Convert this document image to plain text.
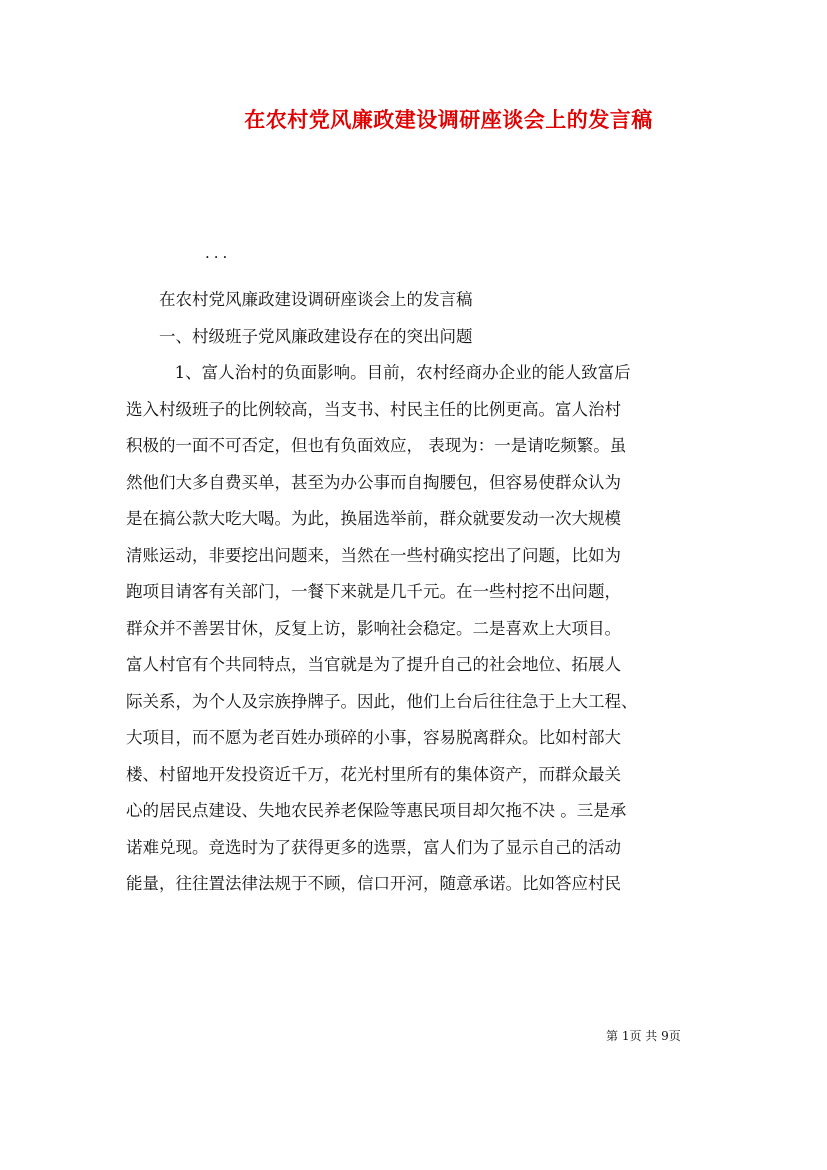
在农村党风廉政建设调研座谈会上的发言稿
...

在农村党风廉政建设调研座谈会上的发言稿

一、村级班子党风廉政建设存在的突出问题

1、富人治村的负面影响。目前，农村经商办企业的能人致富后
选入村级班子的比例较高，当支书、村民主任的比例更高。富人治村
积极的一面不可否定，但也有负面效应， 表现为：一是请吃频繁。虽
然他们大多自费买单，甚至为办公事而自掏腰包，但容易使群众认为
是在搞公款大吃大喝。为此，换届选举前，群众就要发动一次大规模
清账运动，非要挖出问题来，当然在一些村确实挖出了问题，比如为
跑项目请客有关部门，一餐下来就是几千元。在一些村挖不出问题，
群众并不善罢甘休，反复上访，影响社会稳定。二是喜欢上大项目。
富人村官有个共同特点，当官就是为了提升自己的社会地位、拓展人
际关系，为个人及宗族挣牌子。因此，他们上台后往往急于上大工程、
大项目，而不愿为老百姓办琐碎的小事，容易脱离群众。比如村部大
楼、村留地开发投资近千万，花光村里所有的集体资产，而群众最关
心的居民点建设、失地农民养老保险等惠民项目却欠拖不决 。三是承
诺难兑现。竞选时为了获得更多的选票，富人们为了显示自己的活动
能量，往往置法律法规于不顾，信口开河，随意承诺。比如答应村民
第 1页 共 9页
